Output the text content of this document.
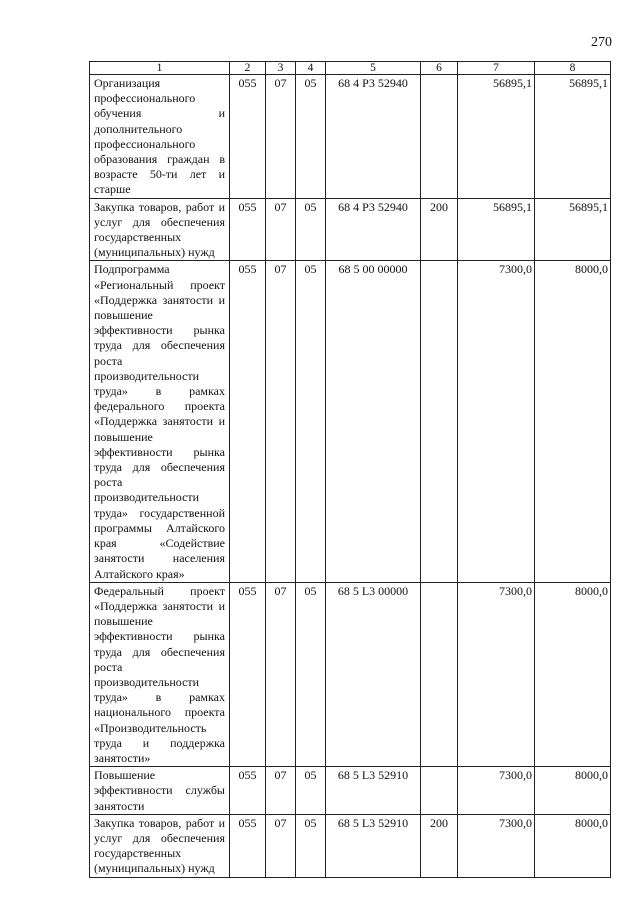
270
1	2	3	4	5	6	7	8
Организация профессионального обучения и дополнительного профессионального образования граждан в возрасте 50-ти лет и старше	055	07	05	68 4 P3 52940		56895,1	56895,1
Закупка товаров, работ и услуг для обеспечения государственных (муниципальных) нужд	055	07	05	68 4 P3 52940	200	56895,1	56895,1
Подпрограмма «Региональный проект «Поддержка занятости и повышение эффективности рынка труда для обеспечения роста производительности труда» в рамках федерального проекта «Поддержка занятости и повышение эффективности рынка труда для обеспечения роста производительности труда» государственной программы Алтайского края «Содействие занятости населения Алтайского края»	055	07	05	68 5 00 00000		7300,0	8000,0
Федеральный проект «Поддержка занятости и повышение эффективности рынка труда для обеспечения роста производительности труда» в рамках национального проекта «Производительность труда и поддержка занятости»	055	07	05	68 5 L3 00000		7300,0	8000,0
Повышение эффективности службы занятости	055	07	05	68 5 L3 52910		7300,0	8000,0
Закупка товаров, работ и услуг для обеспечения государственных (муниципальных) нужд	055	07	05	68 5 L3 52910	200	7300,0	8000,0
